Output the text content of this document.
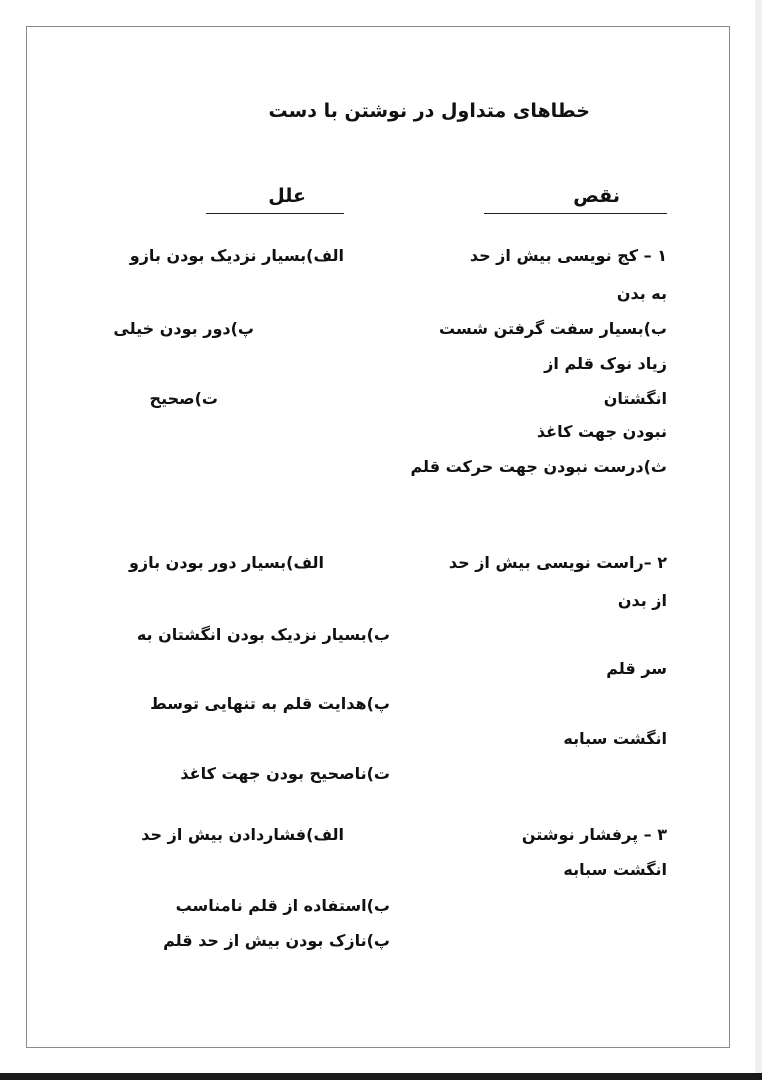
خطاهای متداول در نوشتن با دست
نقص
علل
۱ – کج نویسی بیش از حد
به بدن
ب)بسیار سفت گرفتن شست
زیاد نوک قلم از
انگشتان
نبودن جهت کاغذ
ث)درست نبودن جهت حرکت قلم
الف)بسیار نزدیک بودن بازو
پ)دور بودن خیلی
ت)صحیح
۲ –راست نویسی بیش از حد
از بدن
الف)بسیار دور بودن بازو
ب)بسیار نزدیک بودن انگشتان به
سر قلم
پ)هدایت قلم به تنهایی توسط
انگشت سبابه
ت)ناصحیح بودن جهت کاغذ
۳ – پرفشار نوشتن
انگشت سبابه
الف)فشاردادن بیش از حد
ب)استفاده از قلم نامناسب
پ)نازک بودن بیش از حد قلم
